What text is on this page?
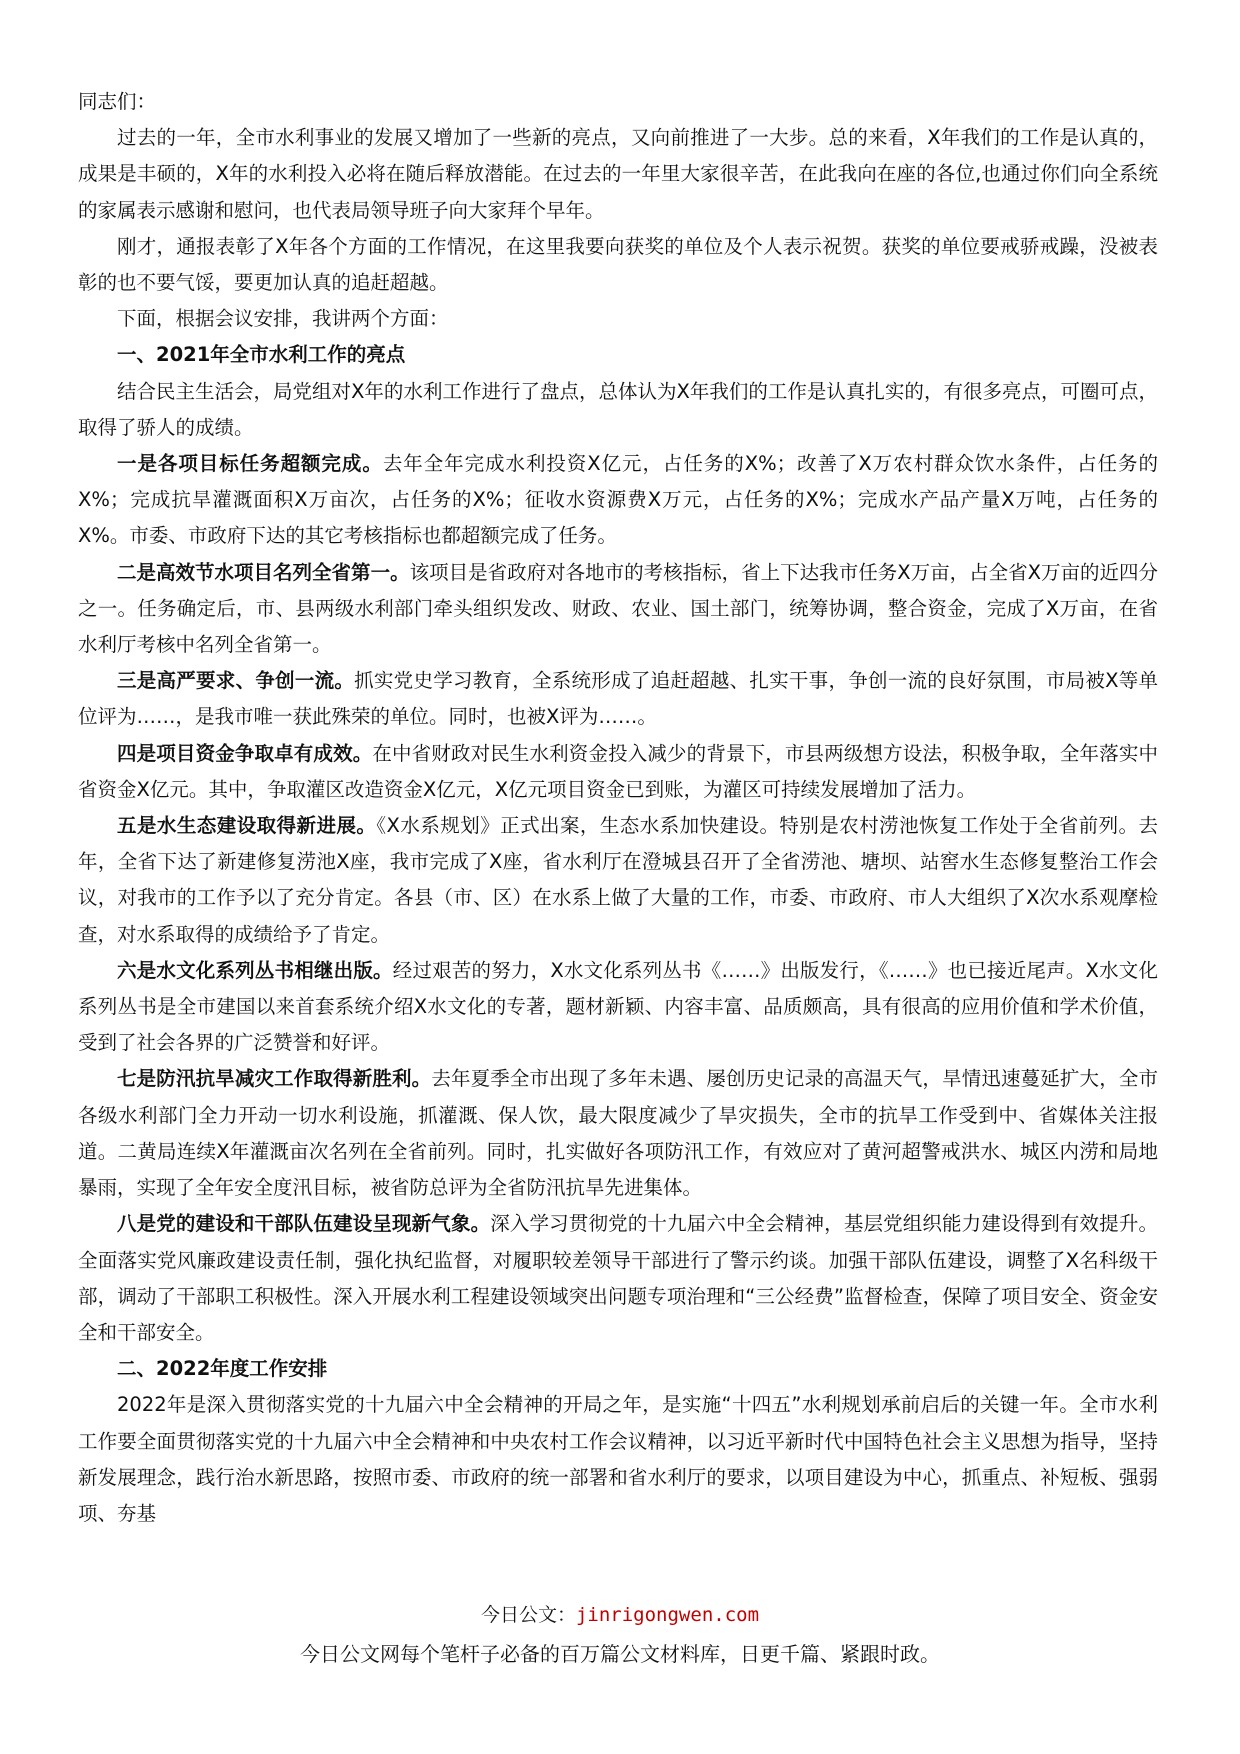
同志们：

过去的一年，全市水利事业的发展又增加了一些新的亮点，又向前推进了一大步。总的来看，X年我们的工作是认真的，成果是丰硕的，X年的水利投入必将在随后释放潜能。在过去的一年里大家很辛苦，在此我向在座的各位,也通过你们向全系统的家属表示感谢和慰问，也代表局领导班子向大家拜个早年。

刚才，通报表彰了X年各个方面的工作情况，在这里我要向获奖的单位及个人表示祝贺。获奖的单位要戒骄戒躁，没被表彰的也不要气馁，要更加认真的追赶超越。

下面，根据会议安排，我讲两个方面：

一、2021年全市水利工作的亮点

结合民主生活会，局党组对X年的水利工作进行了盘点，总体认为X年我们的工作是认真扎实的，有很多亮点，可圈可点，取得了骄人的成绩。

一是各项目标任务超额完成。去年全年完成水利投资X亿元，占任务的X%；改善了X万农村群众饮水条件，占任务的X%；完成抗旱灌溉面积X万亩次，占任务的X%；征收水资源费X万元，占任务的X%；完成水产品产量X万吨，占任务的X%。市委、市政府下达的其它考核指标也都超额完成了任务。

二是高效节水项目名列全省第一。该项目是省政府对各地市的考核指标，省上下达我市任务X万亩，占全省X万亩的近四分之一。任务确定后，市、县两级水利部门牵头组织发改、财政、农业、国土部门，统筹协调，整合资金，完成了X万亩，在省水利厅考核中名列全省第一。

三是高严要求、争创一流。抓实党史学习教育，全系统形成了追赶超越、扎实干事，争创一流的良好氛围，市局被X等单位评为……，是我市唯一获此殊荣的单位。同时，也被X评为……。

四是项目资金争取卓有成效。在中省财政对民生水利资金投入减少的背景下，市县两级想方设法，积极争取，全年落实中省资金X亿元。其中，争取灌区改造资金X亿元，X亿元项目资金已到账，为灌区可持续发展增加了活力。

五是水生态建设取得新进展。《X水系规划》正式出案，生态水系加快建设。特别是农村涝池恢复工作处于全省前列。去年，全省下达了新建修复涝池X座，我市完成了X座，省水利厅在澄城县召开了全省涝池、塘坝、站窖水生态修复整治工作会议，对我市的工作予以了充分肯定。各县（市、区）在水系上做了大量的工作，市委、市政府、市人大组织了X次水系观摩检查，对水系取得的成绩给予了肯定。

六是水文化系列丛书相继出版。经过艰苦的努力，X水文化系列丛书《……》出版发行，《……》也已接近尾声。X水文化系列丛书是全市建国以来首套系统介绍X水文化的专著，题材新颖、内容丰富、品质颇高，具有很高的应用价值和学术价值，受到了社会各界的广泛赞誉和好评。

七是防汛抗旱减灾工作取得新胜利。去年夏季全市出现了多年未遇、屡创历史记录的高温天气，旱情迅速蔓延扩大，全市各级水利部门全力开动一切水利设施，抓灌溉、保人饮，最大限度减少了旱灾损失，全市的抗旱工作受到中、省媒体关注报道。二黄局连续X年灌溉亩次名列在全省前列。同时，扎实做好各项防汛工作，有效应对了黄河超警戒洪水、城区内涝和局地暴雨，实现了全年安全度汛目标，被省防总评为全省防汛抗旱先进集体。

八是党的建设和干部队伍建设呈现新气象。深入学习贯彻党的十九届六中全会精神，基层党组织能力建设得到有效提升。全面落实党风廉政建设责任制，强化执纪监督，对履职较差领导干部进行了警示约谈。加强干部队伍建设，调整了X名科级干部，调动了干部职工积极性。深入开展水利工程建设领域突出问题专项治理和“三公经费”监督检查，保障了项目安全、资金安全和干部安全。

二、2022年度工作安排

2022年是深入贯彻落实党的十九届六中全会精神的开局之年，是实施“十四五”水利规划承前启后的关键一年。全市水利工作要全面贯彻落实党的十九届六中全会精神和中央农村工作会议精神，以习近平新时代中国特色社会主义思想为指导，坚持新发展理念，践行治水新思路，按照市委、市政府的统一部署和省水利厅的要求，以项目建设为中心，抓重点、补短板、强弱项、夯基

今日公文：jinrigongwen.com
今日公文网每个笔杆子必备的百万篇公文材料库，日更千篇、紧跟时政。
